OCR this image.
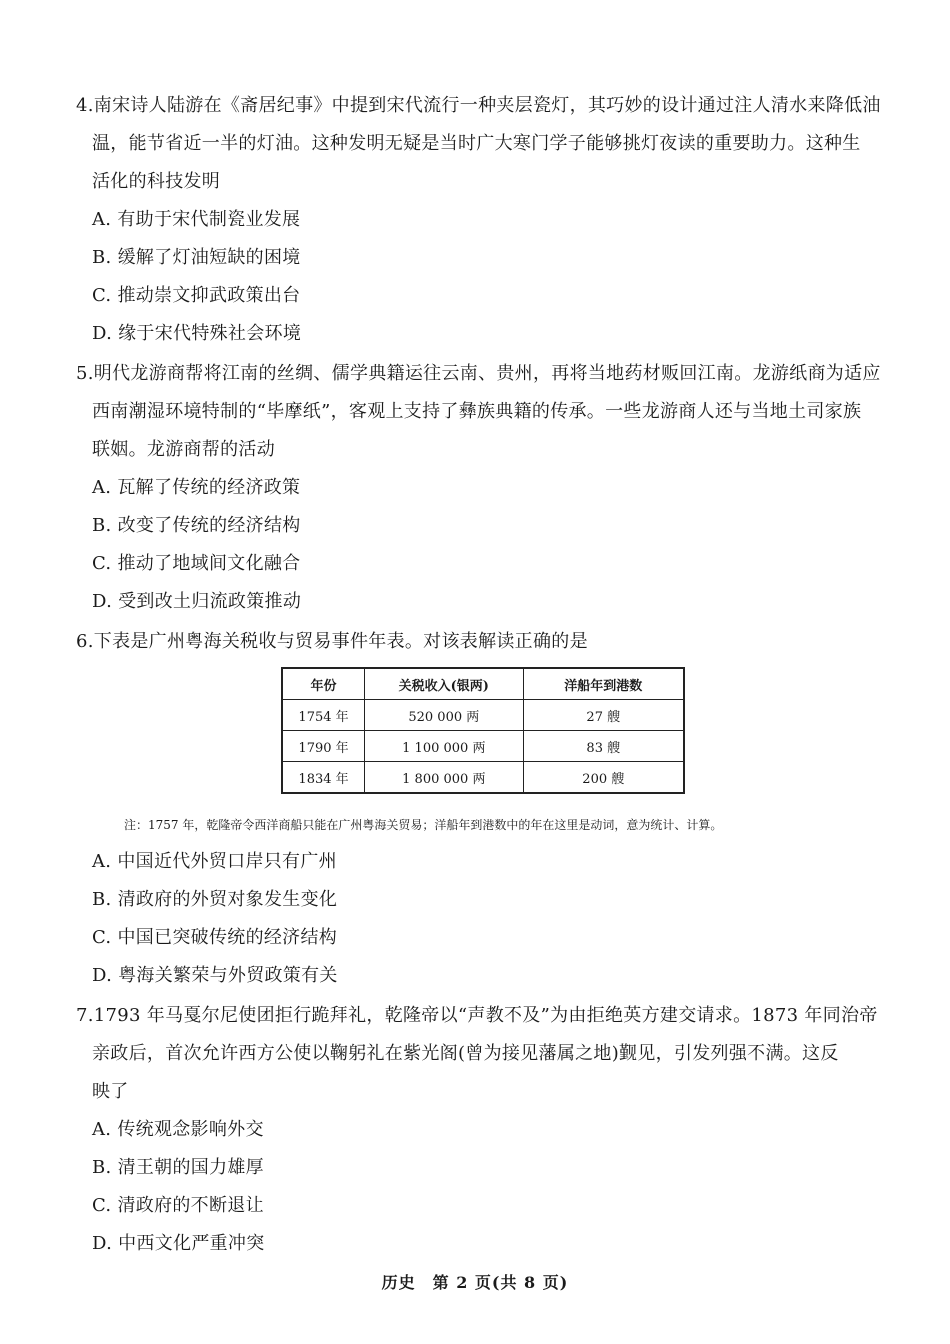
4.南宋诗人陆游在《斋居纪事》中提到宋代流行一种夹层瓷灯，其巧妙的设计通过注人清水来降低油
温，能节省近一半的灯油。这种发明无疑是当时广大寒门学子能够挑灯夜读的重要助力。这种生
活化的科技发明
A. 有助于宋代制瓷业发展
B. 缓解了灯油短缺的困境
C. 推动崇文抑武政策出台
D. 缘于宋代特殊社会环境
5.明代龙游商帮将江南的丝绸、儒学典籍运往云南、贵州，再将当地药材贩回江南。龙游纸商为适应
西南潮湿环境特制的“毕摩纸”，客观上支持了彝族典籍的传承。一些龙游商人还与当地土司家族
联姻。龙游商帮的活动
A. 瓦解了传统的经济政策
B. 改变了传统的经济结构
C. 推动了地域间文化融合
D. 受到改土归流政策推动
6.下表是广州粤海关税收与贸易事件年表。对该表解读正确的是
年份	关税收入(银两)	洋船年到港数
1754 年	520 000 两	27 艘
1790 年	1 100 000 两	83 艘
1834 年	1 800 000 两	200 艘
注：1757 年，乾隆帝令西洋商船只能在广州粤海关贸易；洋船年到港数中的年在这里是动词，意为统计、计算。
A. 中国近代外贸口岸只有广州
B. 清政府的外贸对象发生变化
C. 中国已突破传统的经济结构
D. 粤海关繁荣与外贸政策有关
7.1793 年马戛尔尼使团拒行跪拜礼，乾隆帝以“声教不及”为由拒绝英方建交请求。1873 年同治帝
亲政后，首次允许西方公使以鞠躬礼在紫光阁(曾为接见藩属之地)觐见，引发列强不满。这反
映了
A. 传统观念影响外交
B. 清王朝的国力雄厚
C. 清政府的不断退让
D. 中西文化严重冲突
历史　第 2 页(共 8 页)
